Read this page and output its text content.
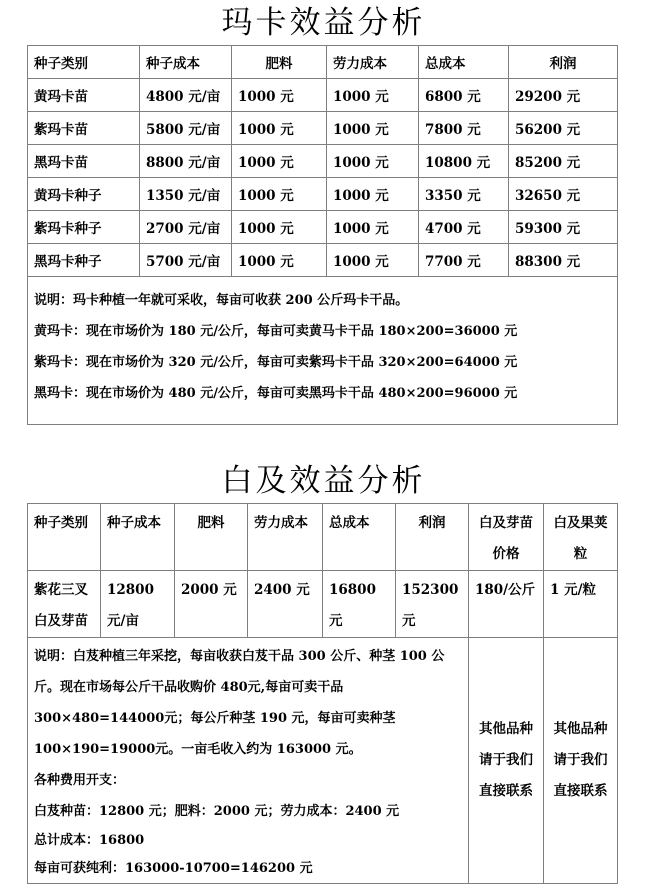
玛卡效益分析
种子类别	种子成本	肥料	劳力成本	总成本	利润
黄玛卡苗	4800 元/亩	1000 元	1000 元	6800 元	29200 元
紫玛卡苗	5800 元/亩	1000 元	1000 元	7800 元	56200 元
黑玛卡苗	8800 元/亩	1000 元	1000 元	10800 元	85200 元
黄玛卡种子	1350 元/亩	1000 元	1000 元	3350 元	32650 元
紫玛卡种子	2700 元/亩	1000 元	1000 元	4700 元	59300 元
黑玛卡种子	5700 元/亩	1000 元	1000 元	7700 元	88300 元

说明：玛卡种植一年就可采收，每亩可收获 200 公斤玛卡干品。
黄玛卡：现在市场价为 180 元/公斤，每亩可卖黄马卡干品 180×200=36000 元
紫玛卡：现在市场价为 320 元/公斤，每亩可卖紫玛卡干品 320×200=64000 元
黑玛卡：现在市场价为 480 元/公斤，每亩可卖黑玛卡干品 480×200=96000 元					
白及效益分析
种子类别	种子成本	肥料	劳力成本	总成本	利润	白及芽苗价格	白及果荚粒
紫花三叉白及芽苗	12800 元/亩	2000 元	2400 元	16800 元	152300 元	180/公斤	1 元/粒

说明：白芨种植三年采挖，每亩收获白芨干品 300 公斤、种茎 100 公斤。现在市场每公斤干品收购价 480元,每亩可卖干品300×480=144000元；每公斤种茎 190 元，每亩可卖种茎 100×190=19000元。一亩毛收入约为 163000 元。
各种费用开支：
白芨种苗：12800 元；肥料：2000 元；劳力成本：2400 元
总计成本：16800
每亩可获纯利：163000-10700=146200 元						其他品种请于我们直接联系	其他品种请于我们直接联系
